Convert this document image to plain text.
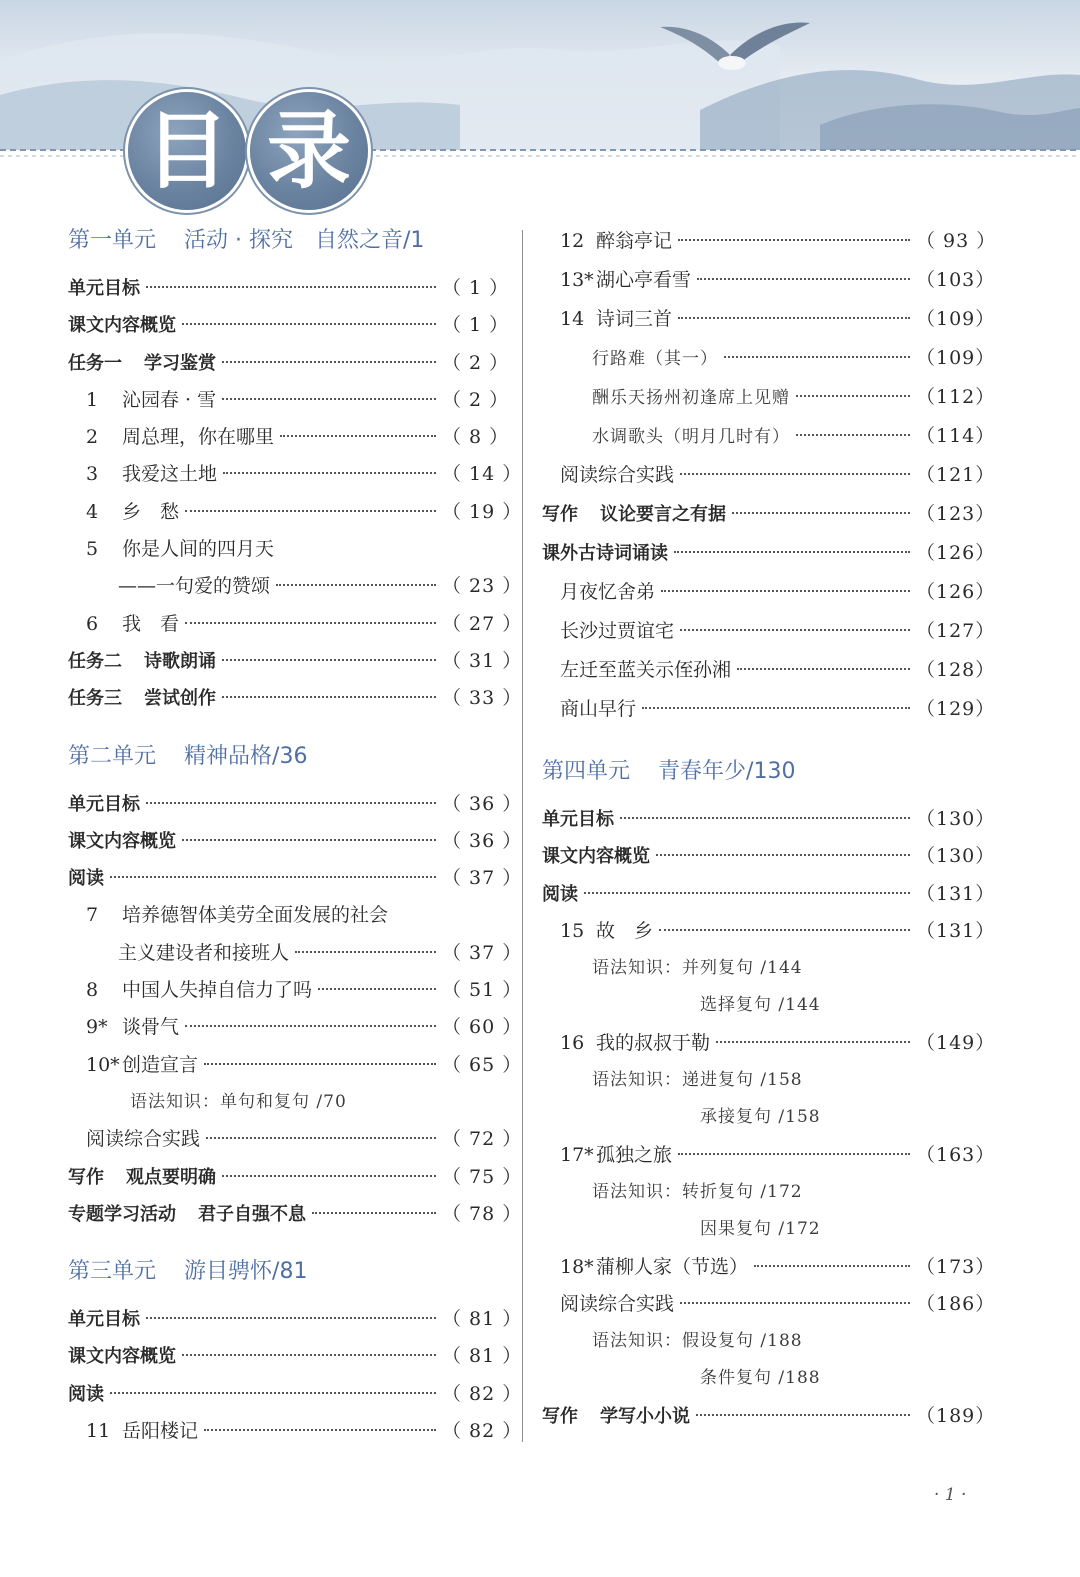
目 录
第一单元 活动 · 探究　自然之音/1
单元目标	（ 1 ）
课文内容概览	（ 1 ）
任务一 学习鉴赏	（ 2 ）
1	沁园春 · 雪	（ 2 ）
2	周总理，你在哪里	（ 8 ）
3	我爱这土地	（ 14 ）
4	乡　愁	（ 19 ）
5	你是人间的四月天
——一句爱的赞颂	（ 23 ）
6	我　看	（ 27 ）
任务二 诗歌朗诵	（ 31 ）
任务三 尝试创作	（ 33 ）
第二单元 精神品格/36
单元目标	（ 36 ）
课文内容概览	（ 36 ）
阅读	（ 37 ）
7	培养德智体美劳全面发展的社会
主义建设者和接班人	（ 37 ）
8	中国人失掉自信力了吗	（ 51 ）
9* 谈骨气	（ 60 ）
10* 创造宣言	（ 65 ）
语法知识：单句和复句 /70
阅读综合实践	（ 72 ）
写作 观点要明确	（ 75 ）
专题学习活动 君子自强不息	（ 78 ）
第三单元 游目骋怀/81
单元目标	（ 81 ）
课文内容概览	（ 81 ）
阅读	（ 82 ）
11 岳阳楼记	（ 82 ）
12 醉翁亭记	（ 93 ）
13* 湖心亭看雪	（103）
14 诗词三首	（109）
行路难（其一）	（109）
酬乐天扬州初逢席上见赠	（112）
水调歌头（明月几时有）	（114）
阅读综合实践	（121）
写作 议论要言之有据	（123）
课外古诗词诵读	（126）
月夜忆舍弟	（126）
长沙过贾谊宅	（127）
左迁至蓝关示侄孙湘	（128）
商山早行	（129）
第四单元 青春年少/130
单元目标	（130）
课文内容概览	（130）
阅读	（131）
15 故　乡	（131）
语法知识：并列复句 /144
选择复句 /144
16 我的叔叔于勒	（149）
语法知识：递进复句 /158
承接复句 /158
17* 孤独之旅	（163）
语法知识：转折复句 /172
因果复句 /172
18* 蒲柳人家（节选）	（173）
阅读综合实践	（186）
语法知识：假设复句 /188
条件复句 /188
写作 学写小小说	（189）
· 1 ·
